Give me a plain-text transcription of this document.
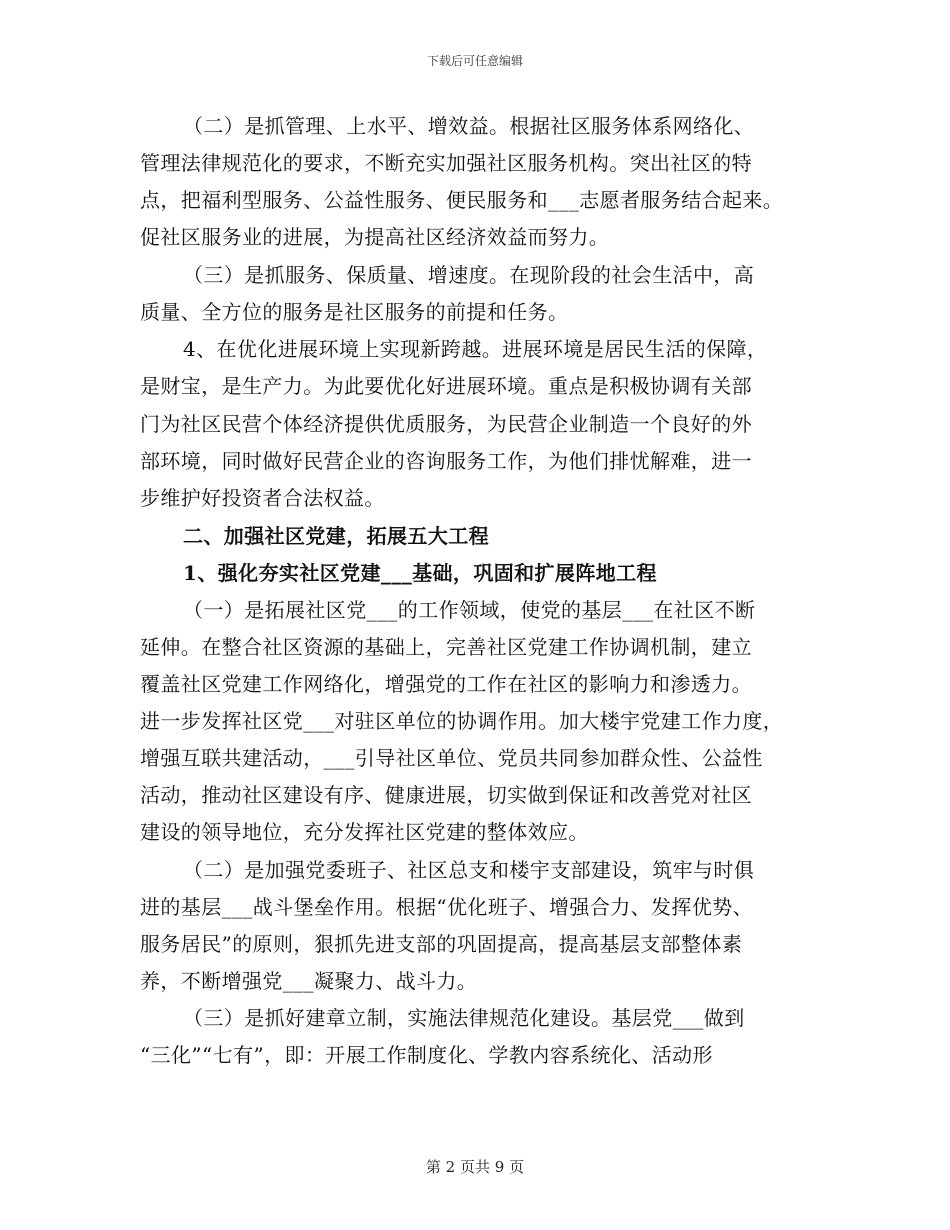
下载后可任意编辑
（二）是抓管理、上水平、增效益。根据社区服务体系网络化、
管理法律规范化的要求，不断充实加强社区服务机构。突出社区的特
点，把福利型服务、公益性服务、便民服务和___志愿者服务结合起来。
促社区服务业的进展，为提高社区经济效益而努力。
（三）是抓服务、保质量、增速度。在现阶段的社会生活中，高
质量、全方位的服务是社区服务的前提和任务。
4、在优化进展环境上实现新跨越。进展环境是居民生活的保障，
是财宝，是生产力。为此要优化好进展环境。重点是积极协调有关部
门为社区民营个体经济提供优质服务，为民营企业制造一个良好的外
部环境，同时做好民营企业的咨询服务工作，为他们排忧解难，进一
步维护好投资者合法权益。
二、加强社区党建，拓展五大工程
1、强化夯实社区党建___基础，巩固和扩展阵地工程
（一）是拓展社区党___的工作领域，使党的基层___在社区不断
延伸。在整合社区资源的基础上，完善社区党建工作协调机制，建立
覆盖社区党建工作网络化，增强党的工作在社区的影响力和渗透力。
进一步发挥社区党___对驻区单位的协调作用。加大楼宇党建工作力度，
增强互联共建活动，___引导社区单位、党员共同参加群众性、公益性
活动，推动社区建设有序、健康进展，切实做到保证和改善党对社区
建设的领导地位，充分发挥社区党建的整体效应。
（二）是加强党委班子、社区总支和楼宇支部建设，筑牢与时俱
进的基层___战斗堡垒作用。根据“优化班子、增强合力、发挥优势、
服务居民”的原则，狠抓先进支部的巩固提高，提高基层支部整体素
养，不断增强党___凝聚力、战斗力。
（三）是抓好建章立制，实施法律规范化建设。基层党___做到
“三化”“七有”，即：开展工作制度化、学教内容系统化、活动形
第 2 页共 9 页
